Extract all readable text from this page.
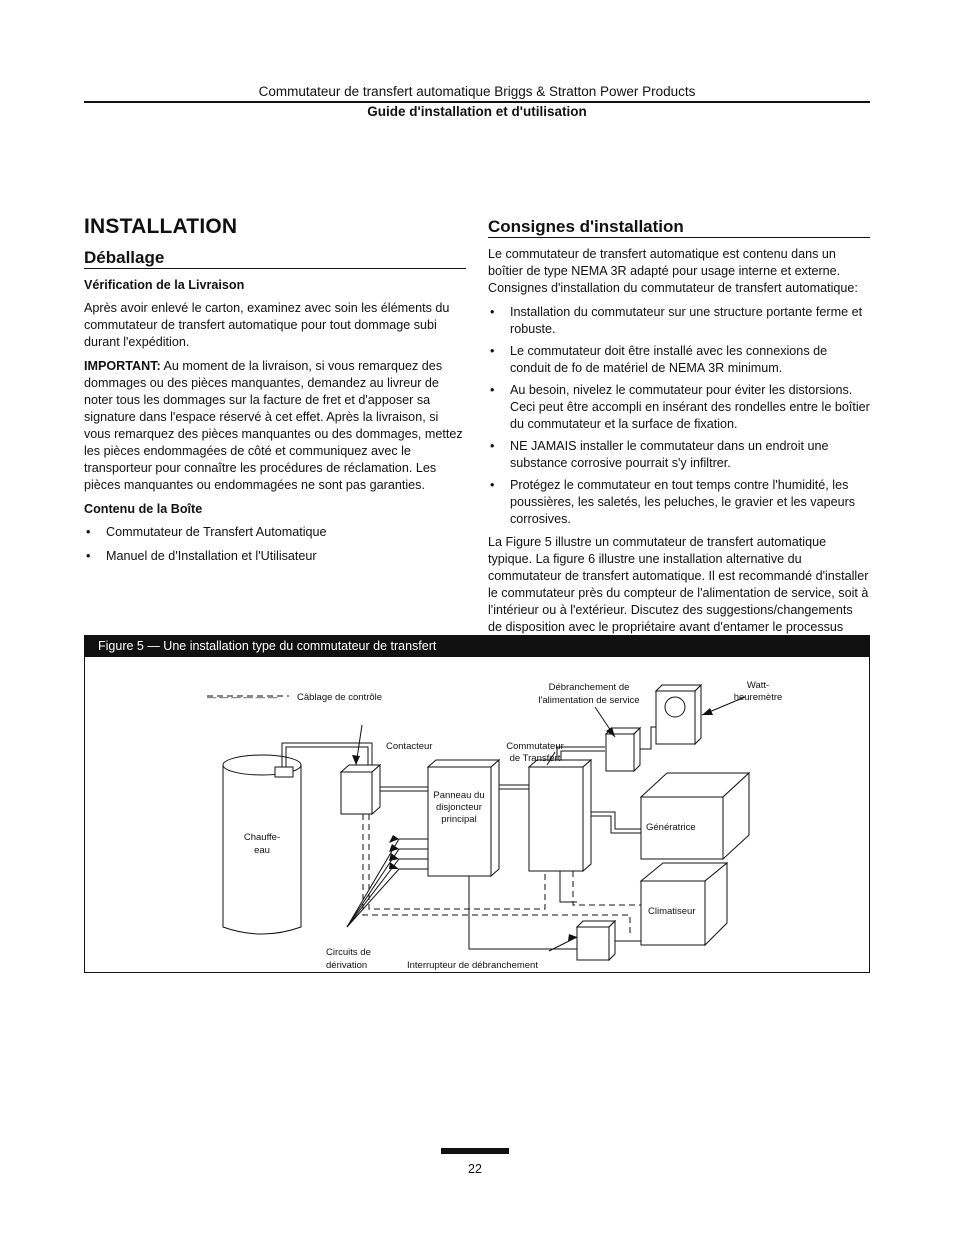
Commutateur de transfert automatique Briggs & Stratton Power Products
Guide d'installation et d'utilisation
INSTALLATION
Déballage
Vérification de la Livraison

Après avoir enlevé le carton, examinez avec soin les éléments du commutateur de transfert automatique pour tout dommage subi durant l'expédition.

IMPORTANT: Au moment de la livraison, si vous remarquez des dommages ou des pièces manquantes, demandez au livreur de noter tous les dommages sur la facture de fret et d'apposer sa signature dans l'espace réservé à cet effet. Après la livraison, si vous remarquez des pièces manquantes ou des dommages, mettez les pièces endommagées de côté et communiquez avec le transporteur pour connaître les procédures de réclamation. Les pièces manquantes ou endommagées ne sont pas garanties.

Contenu de la Boîte
• Commutateur de Transfert Automatique
• Manuel de d'Installation et l'Utilisateur
Consignes d'installation

Le commutateur de transfert automatique est contenu dans un boîtier de type NEMA 3R adapté pour usage interne et externe. Consignes d'installation du commutateur de transfert automatique:

• Installation du commutateur sur une structure portante ferme et robuste.
• Le commutateur doit être installé avec les connexions de conduit de fo de matériel de NEMA 3R minimum.
• Au besoin, nivelez le commutateur pour éviter les distorsions. Ceci peut être accompli en insérant des rondelles entre le boîtier du commutateur et la surface de fixation.
• NE JAMAIS installer le commutateur dans un endroit une substance corrosive pourrait s'y infiltrer.
• Protégez le commutateur en tout temps contre l'humidité, les poussières, les saletés, les peluches, le gravier et les vapeurs corrosives.

La Figure 5 illustre un commutateur de transfert automatique typique. La figure 6 illustre une installation alternative du commutateur de transfert automatique. Il est recommandé d'installer le commutateur près du compteur de l'alimentation de service, soit à l'intérieur ou à l'extérieur. Discutez des suggestions/changements de disposition avec le propriétaire avant d'entamer le processus

Figure 5 — Une installation type du commutateur de transfert
— — — — — — Câblage de contrôle
Contacteur	Commutateur
de Transfert
Débranchement de
l'alimentation de service
Watt-
heuremètre
Panneau du
disjoncteur
principal
Chauffe-
eau
Génératrice
Climatiseur
Circuits de
dérivation	Interrupteur de débranchement
22
